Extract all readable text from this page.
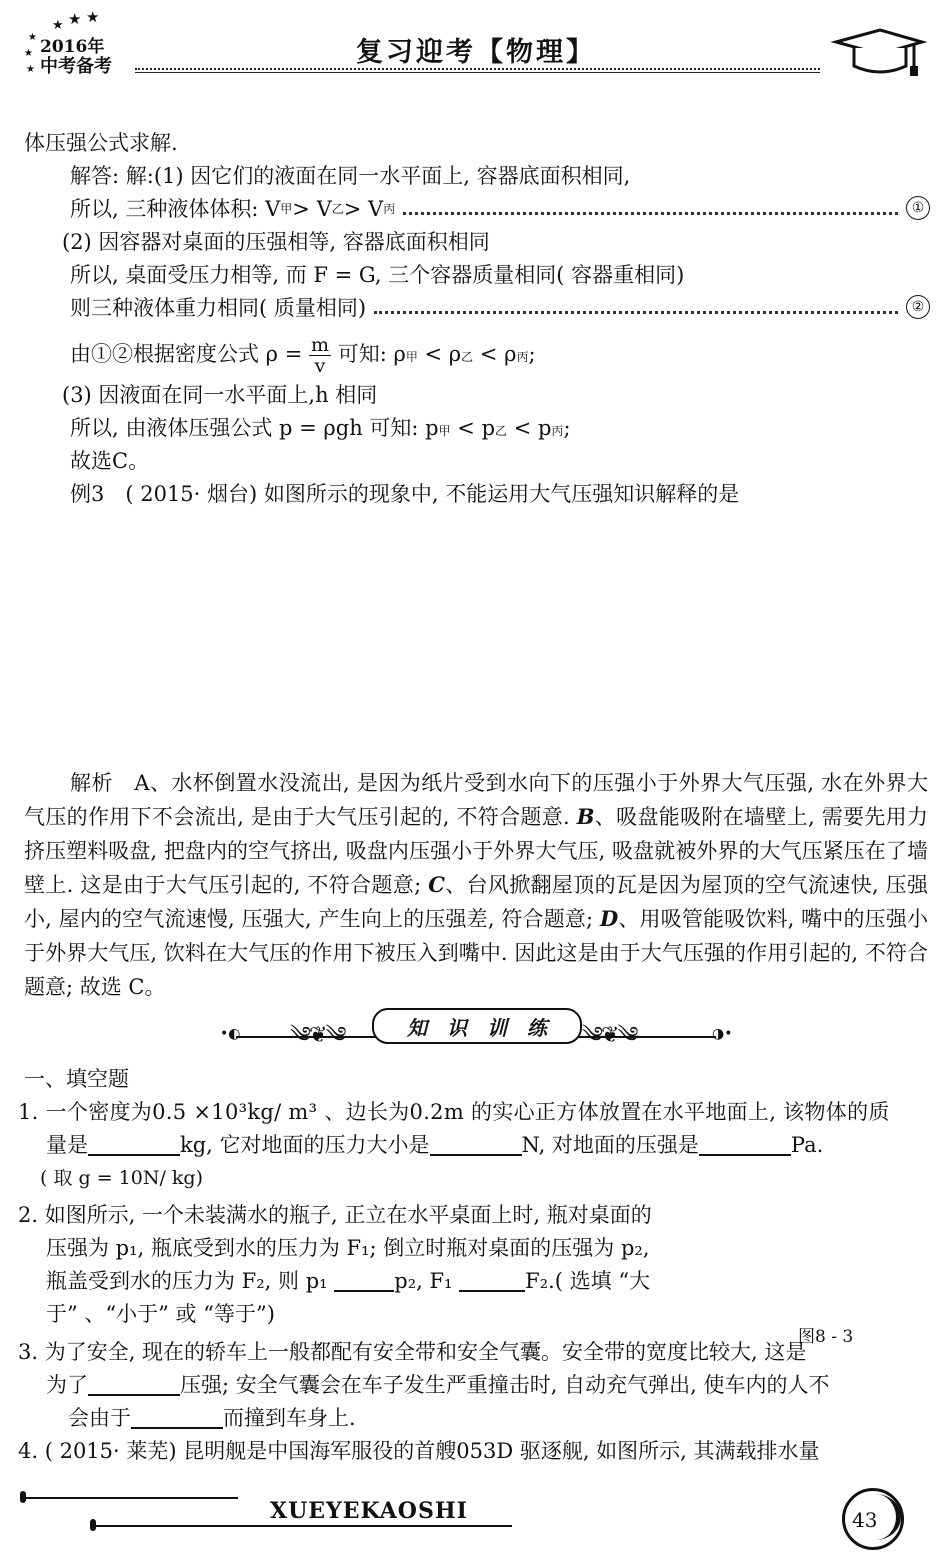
★ ★
★
★
★
★
2016年
中考备考	复习迎考【物理】
体压强公式求解.
解答: 解:(1) 因它们的液面在同一水平面上, 容器底面积相同,
所以, 三种液体体积: V 甲 > V 乙 > V 丙	①
(2) 因容器对桌面的压强相等, 容器底面积相同
所以, 桌面受压力相等, 而 F = G, 三个容器质量相同( 容器重相同)
则三种液体重力相同( 质量相同)	②
由①②根据密度公式 $\rho = \frac{m}{v}$ 可知: ρ甲 < ρ乙 < ρ丙;
(3) 因液面在同一水平面上,h 相同
所以, 由液体压强公式 p = ρgh 可知: p甲 < p乙 < p丙;
故选C。
例3　( 2015· 烟台) 如图所示的现象中, 不能运用大气压强知识解释的是
解析　A、水杯倒置水没流出, 是因为纸片受到水向下的压强小于外界大气压强, 水在外界大气压的作用下不会流出, 是由于大气压引起的, 不符合题意. B、吸盘能吸附在墙壁上, 需要先用力挤压塑料吸盘, 把盘内的空气挤出, 吸盘内压强小于外界大气压, 吸盘就被外界的大气压紧压在了墙壁上. 这是由于大气压引起的, 不符合题意; C、台风掀翻屋顶的瓦是因为屋顶的空气流速快, 压强小, 屋内的空气流速慢, 压强大, 产生向上的压强差, 符合题意; D、用吸管能吸饮料, 嘴中的压强小于外界大气压, 饮料在大气压的作用下被压入到嘴中. 因此这是由于大气压强的作用引起的, 不符合题意; 故选 C。
•◐	◑•
༄❦༄	༄❦༄
知　识　训　练
一、填空题
1. 一个密度为0.5 ×10³kg/ m³ 、边长为0.2m 的实心正方体放置在水平地面上, 该物体的质
量是	kg, 它对地面的压力大小是	N, 对地面的压强是	Pa.
( 取 g = 10N/ kg)
2. 如图所示, 一个未装满水的瓶子, 正立在水平桌面上时, 瓶对桌面的
压强为 p₁, 瓶底受到水的压力为 F₁; 倒立时瓶对桌面的压强为 p₂,
瓶盖受到水的压力为 F₂, 则 p₁	p₂, F₁	F₂.( 选填 “大
于” 、“小于” 或 “等于”)
图8 - 3
3. 为了安全, 现在的轿车上一般都配有安全带和安全气囊。安全带的宽度比较大, 这是
为了	压强; 安全气囊会在车子发生严重撞击时, 自动充气弹出, 使车内的人不
会由于	而撞到车身上.
4. ( 2015· 莱芜) 昆明舰是中国海军服役的首艘053D 驱逐舰, 如图所示, 其满载排水量
XUEYEKAOSHI	43
